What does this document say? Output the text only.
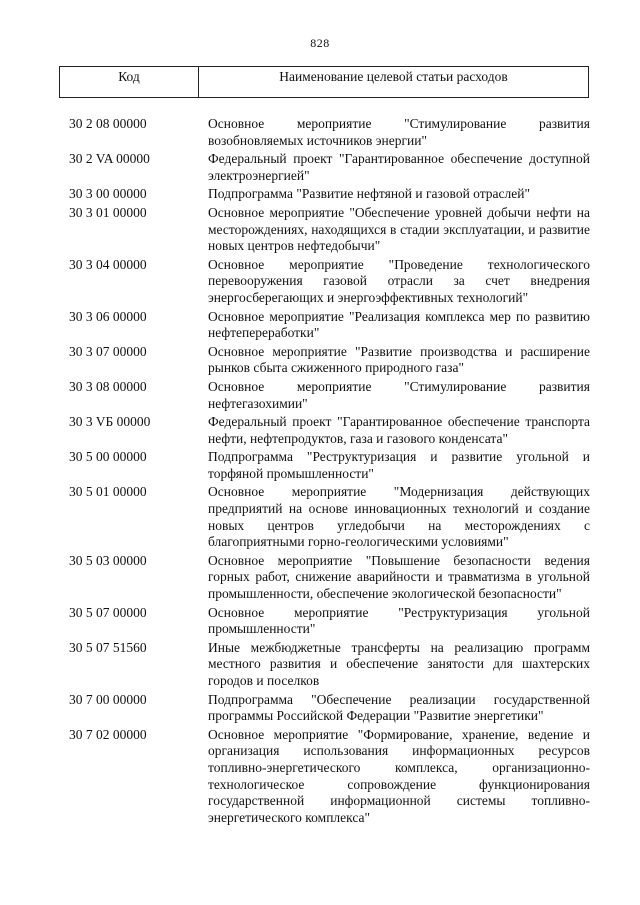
828
Код	Наименование целевой статьи расходов
30 2 08 00000	Основное мероприятие "Стимулирование развития возобновляемых источников энергии"
30 2 VA 00000	Федеральный проект "Гарантированное обеспечение доступной электроэнергией"
30 3 00 00000	Подпрограмма "Развитие нефтяной и газовой отраслей"
30 3 01 00000	Основное мероприятие "Обеспечение уровней добычи нефти на месторождениях, находящихся в стадии эксплуатации, и развитие новых центров нефтедобычи"
30 3 04 00000	Основное мероприятие "Проведение технологического перевооружения газовой отрасли за счет внедрения энергосберегающих и энергоэффективных технологий"
30 3 06 00000	Основное мероприятие "Реализация комплекса мер по развитию нефтепереработки"
30 3 07 00000	Основное мероприятие "Развитие производства и расширение рынков сбыта сжиженного природного газа"
30 3 08 00000	Основное мероприятие "Стимулирование развития нефтегазохимии"
30 3 VБ 00000	Федеральный проект "Гарантированное обеспечение транспорта нефти, нефтепродуктов, газа и газового конденсата"
30 5 00 00000	Подпрограмма "Реструктуризация и развитие угольной и торфяной промышленности"
30 5 01 00000	Основное мероприятие "Модернизация действующих предприятий на основе инновационных технологий и создание новых центров угледобычи на месторождениях с благоприятными горно-геологическими условиями"
30 5 03 00000	Основное мероприятие "Повышение безопасности ведения горных работ, снижение аварийности и травматизма в угольной промышленности, обеспечение экологической безопасности"
30 5 07 00000	Основное мероприятие "Реструктуризация угольной промышленности"
30 5 07 51560	Иные межбюджетные трансферты на реализацию программ местного развития и обеспечение занятости для шахтерских городов и поселков
30 7 00 00000	Подпрограмма "Обеспечение реализации государственной программы Российской Федерации "Развитие энергетики"
30 7 02 00000	Основное мероприятие "Формирование, хранение, ведение и организация использования информационных ресурсов топливно-энергетического комплекса, организационно-технологическое сопровождение функционирования государственной информационной системы топливно-энергетического комплекса"
